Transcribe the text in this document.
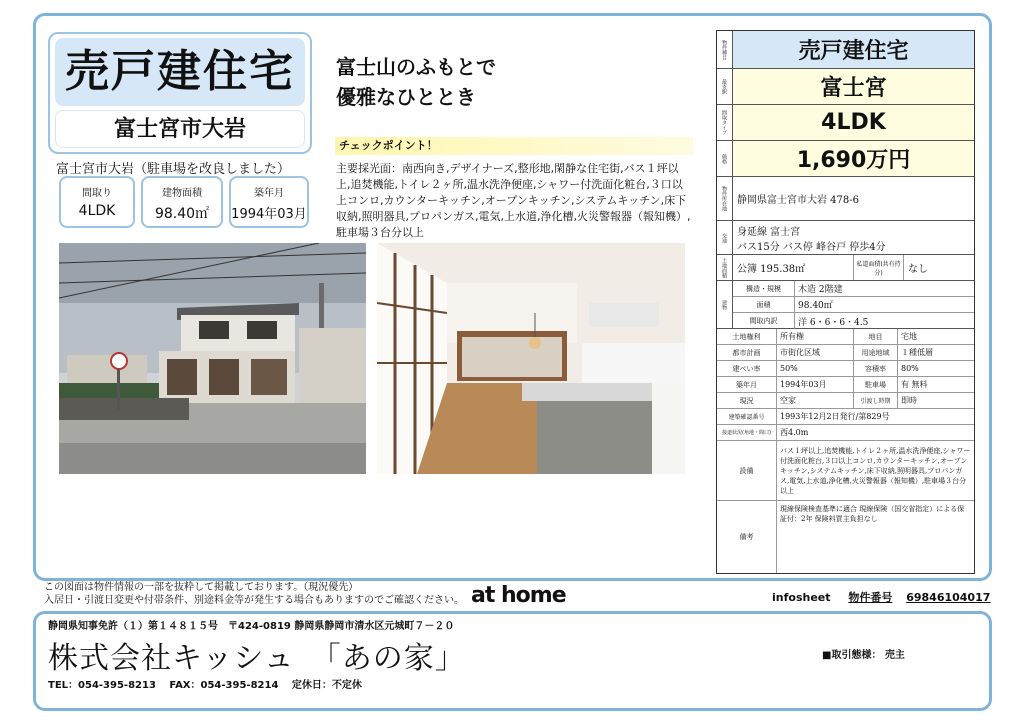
売戸建住宅
富士宮市大岩
富士宮市大岩（駐車場を改良しました）
間取り
4LDK
建物面積
98.40㎡
築年月
1994年03月
富士山のふもとで
優雅なひととき
チェックポイント！
主要採光面：南西向き,デザイナーズ,整形地,閑静な住宅街,バス１坪以上,追焚機能,トイレ２ヶ所,温水洗浄便座,シャワー付洗面化粧台,３口以上コンロ,カウンターキッチン,オープンキッチン,システムキッチン,床下収納,照明器具,プロパンガス,電気,上水道,浄化槽,火災警報器（報知機）,駐車場３台分以上
物件種目	売戸建住宅
最寄駅	富士宮
間取タイプ	4LDK
価格	1,690万円
物件所在地	静岡県富士宮市大岩 478-6
交通	身延線 富士宮
バス15分 バス停 峰谷戸 停歩4分
土地面積	公簿 195.38㎡	私道面積(共有持分)	なし
建物
構造・規模	木造 2階建
面積	98.40㎡
間取内訳	洋 6・6・6・4.5
土地権利	所有権	地目	宅地
都市計画	市街化区域	用途地域	１種低層
建ぺい率	50%	容積率	80%
築年月	1994年03月	駐車場	有 無料
現況	空家	引渡し時期	即時
建築確認番号	1993年12月2日発行/第829号
接道状況(角地・間口)	西4.0m
設備
バス１坪以上,追焚機能,トイレ２ヶ所,温水洗浄便座,シャワー付洗面化粧台,３口以上コンロ,カウンターキッチン,オープンキッチン,システムキッチン,床下収納,照明器具,プロパンガス,電気,上水道,浄化槽,火災警報器（報知機）,駐車場３台分以上
備考
現線保険検査基準に適合 現線保険（国交省指定）による保証付：2年 保険料買主負担なし
この図面は物件情報の一部を抜粋して掲載しております。（現況優先）
入居日・引渡日変更や付帯条件、別途料金等が発生する場合もありますのでご確認ください。 at home	infosheet 物件番号 69846104017
静岡県知事免許（１）第１４８１５号　〒424-0819 静岡県静岡市清水区元城町７－２０
株式会社キッシュ　「あの家」
TEL：054-395-8213　 FAX：054-395-8214　 定休日：不定休
■取引態様： 売主
